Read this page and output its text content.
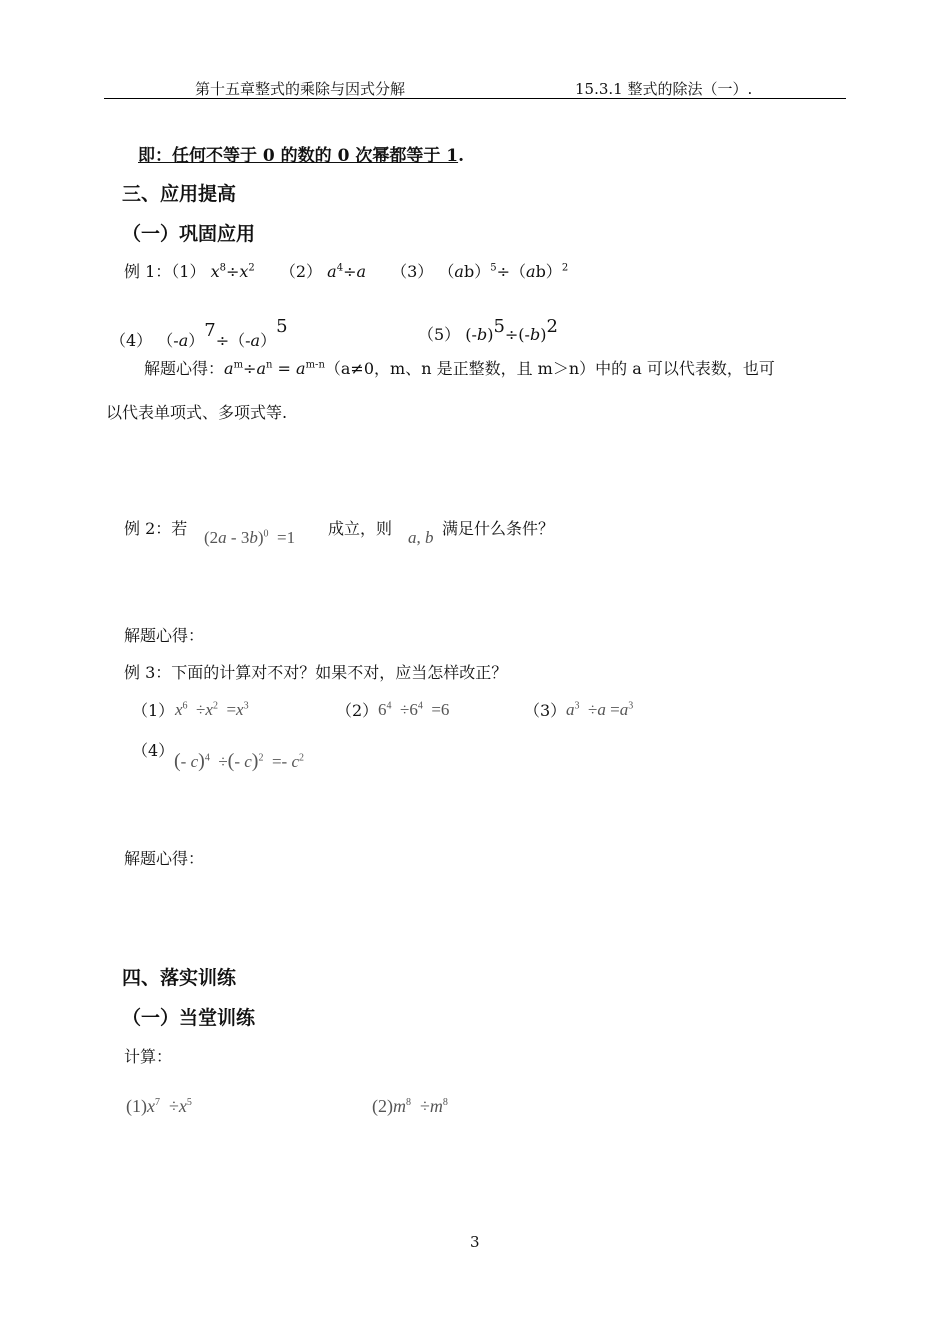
第十五章整式的乘除与因式分解	15.3.1 整式的除法（一）.
即：任何不等于 0 的数的 0 次幂都等于 1.
三、应用提高
（一）巩固应用
例 1：（1） $x^8\div x^2$ （2） $a^4\div a$ （3） （ab）$^5$÷（ab）$^2$
（4） （-a）7÷（-a）5	（5） (-b)5÷(-b)2
解题心得：$a^m\div a^n = a^{m-n}(a\ne 0$，m、n 是正整数，且 m＞n）中的 a 可以代表数，也可
以代表单项式、多项式等.
例 2：若 (2a - 3b)$^0$  =1 成立，则 a, b 满足什么条件？
解题心得：
例 3：下面的计算对不对？如果不对，应当怎样改正？
（1） $x^6 \div x^2 =x^3$	（2） $6^4 \div 6^4 =6$	（3） $a^3 \div a =a^3$
（4） (- c)$^4$  ÷(- $c)^2 =- c^2$
解题心得：
四、落实训练
（一）当堂训练
计算：
$(1)x^7 \div x^5$	$(2)m^8 \div m^8$
3
